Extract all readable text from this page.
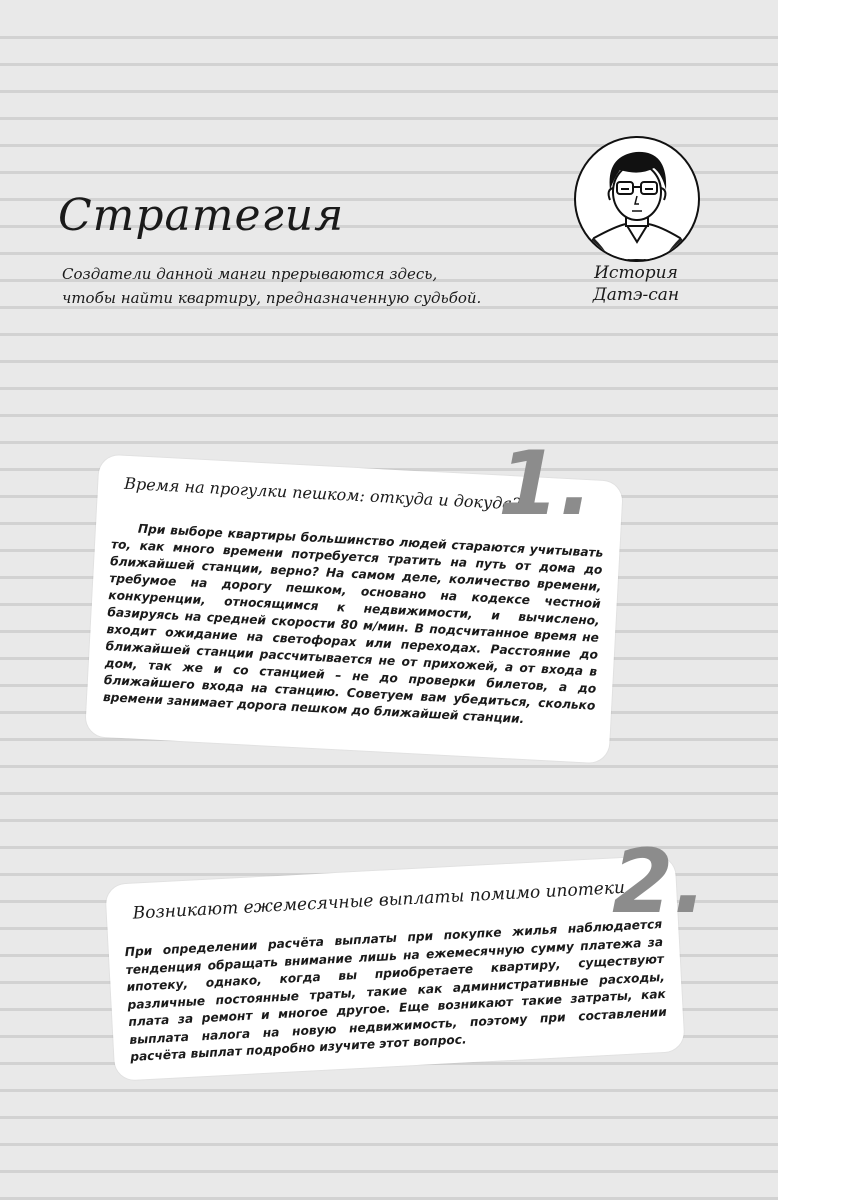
Стратегия
Создатели данной манги прерываются здесь,
чтобы найти квартиру, предназначенную судьбой.
История
Датэ-сан
Время на прогулки пешком: откуда и докуда?

При выборе квартиры большинство людей стараются учитывать то, как много времени потребуется тратить на путь от дома до ближайшей станции, верно? На самом деле, количество времени, требумое на дорогу пешком, основано на кодексе честной конкуренции, относящимся к недвижимости, и вычислено, базируясь на средней скорости 80 м/мин. В подсчитанное время не входит ожидание на светофорах или переходах. Расстояние до ближайшей станции рассчитывается не от прихожей, а от входа в дом, так же и со станцией – не до проверки билетов, а до ближайшего входа на станцию. Советуем вам убедиться, сколько времени занимает дорога пешком до ближайшей станции.

1.
Возникают ежемесячные выплаты помимо ипотеки.

При определении расчёта выплаты при покупке жилья наблюдается тенденция обращать внимание лишь на ежемесячную сумму платежа за ипотеку, однако, когда вы приобретаете квартиру, существуют различные постоянные траты, такие как административные расходы, плата за ремонт и многое другое. Еще возникают такие затраты, как выплата налога на новую недвижимость, поэтому при составлении расчёта выплат подробно изучите этот вопрос.

2.
